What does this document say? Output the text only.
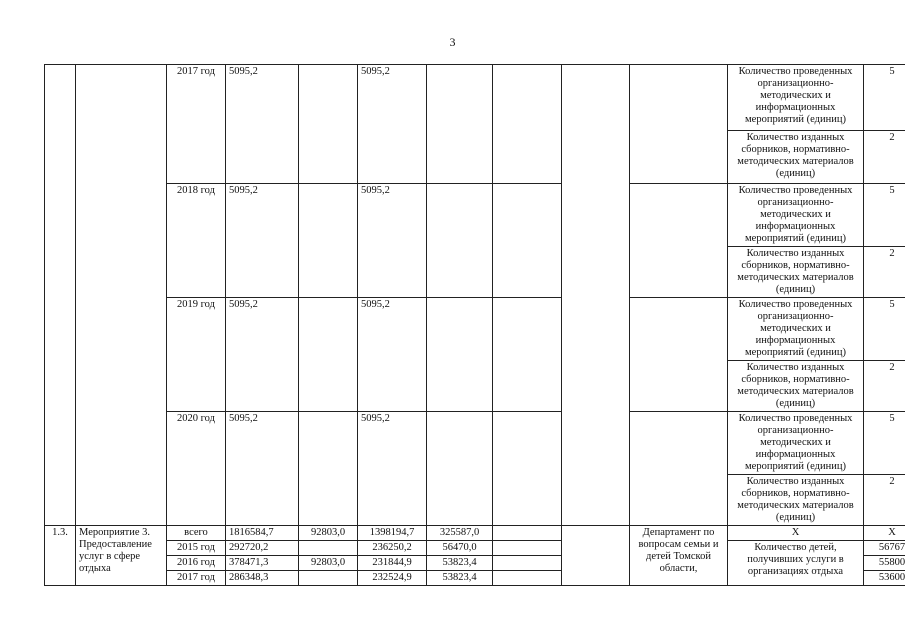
3
		2017 год	5095,2		5095,2					Количество проведенных организационно-методических и информационных мероприятий (единиц)	5
										Количество изданных сборников, нормативно-методических материалов (единиц)	2
		2018 год	5095,2		5095,2					Количество проведенных организационно-методических и информационных мероприятий (единиц)	5
										Количество изданных сборников, нормативно-методических материалов (единиц)	2
		2019 год	5095,2		5095,2					Количество проведенных организационно-методических и информационных мероприятий (единиц)	5
										Количество изданных сборников, нормативно-методических материалов (единиц)	2
		2020 год	5095,2		5095,2					Количество проведенных организационно-методических и информационных мероприятий (единиц)	5
										Количество изданных сборников, нормативно-методических материалов (единиц)	2
1.3.	Мероприятие 3. Предоставление услуг в сфере отдыха	всего	1816584,7	92803,0	1398194,7	325587,0			Департамент по вопросам семьи и детей Томской области,	Х	Х
		2015 год	292720,2		236250,2	56470,0				Количество детей, получивших услуги в организациях отдыха	56767
		2016 год	378471,3	92803,0	231844,9	53823,4					55800
		2017 год	286348,3		232524,9	53823,4					53600
